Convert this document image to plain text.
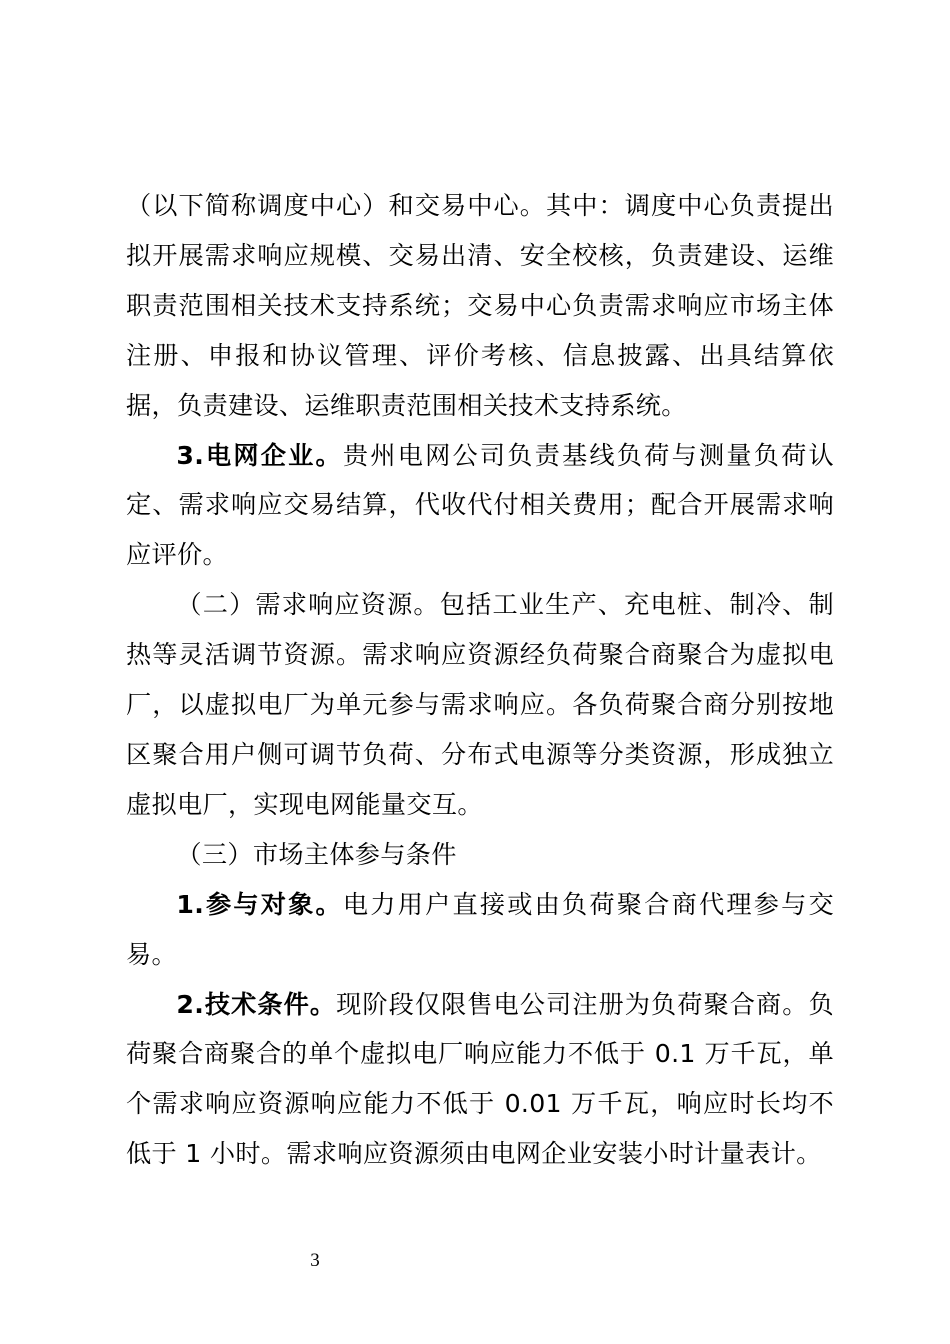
（以下简称调度中心）和交易中心。其中：调度中心负责提出拟开展需求响应规模、交易出清、安全校核，负责建设、运维职责范围相关技术支持系统；交易中心负责需求响应市场主体注册、申报和协议管理、评价考核、信息披露、出具结算依据，负责建设、运维职责范围相关技术支持系统。

3.电网企业。贵州电网公司负责基线负荷与测量负荷认定、需求响应交易结算，代收代付相关费用；配合开展需求响应评价。

（二）需求响应资源。包括工业生产、充电桩、制冷、制热等灵活调节资源。需求响应资源经负荷聚合商聚合为虚拟电厂，以虚拟电厂为单元参与需求响应。各负荷聚合商分别按地区聚合用户侧可调节负荷、分布式电源等分类资源，形成独立虚拟电厂，实现电网能量交互。

（三）市场主体参与条件

1.参与对象。电力用户直接或由负荷聚合商代理参与交易。

2.技术条件。现阶段仅限售电公司注册为负荷聚合商。负荷聚合商聚合的单个虚拟电厂响应能力不低于 0.1 万千瓦，单个需求响应资源响应能力不低于 0.01 万千瓦，响应时长均不低于 1 小时。需求响应资源须由电网企业安装小时计量表计。

3
